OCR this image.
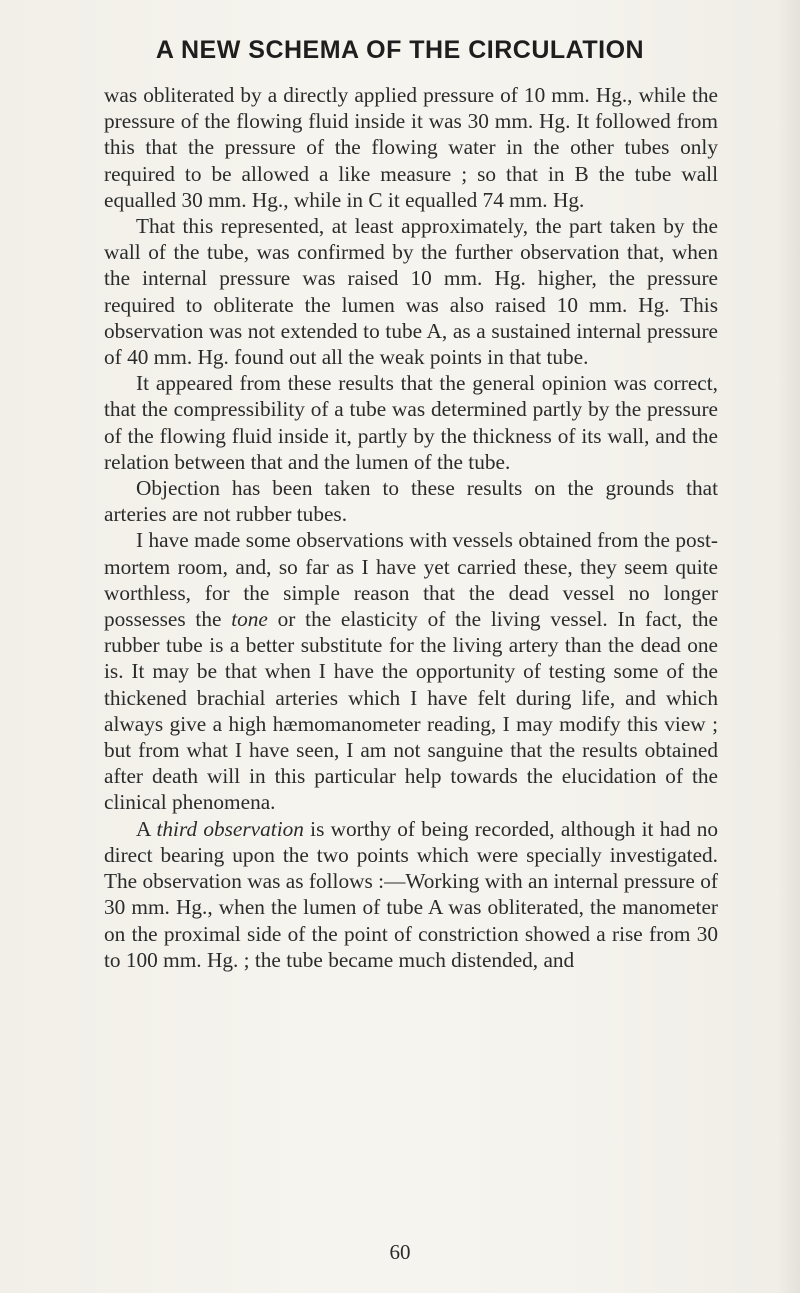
A NEW SCHEMA OF THE CIRCULATION

was obliterated by a directly applied pressure of 10 mm. Hg., while the pressure of the flowing fluid inside it was 30 mm. Hg. It followed from this that the pressure of the flowing water in the other tubes only required to be allowed a like measure ; so that in B the tube wall equalled 30 mm. Hg., while in C it equalled 74 mm. Hg.

That this represented, at least approximately, the part taken by the wall of the tube, was confirmed by the further observation that, when the internal pressure was raised 10 mm. Hg. higher, the pressure required to obliterate the lumen was also raised 10 mm. Hg. This observation was not extended to tube A, as a sustained internal pressure of 40 mm. Hg. found out all the weak points in that tube.

It appeared from these results that the general opinion was correct, that the compressibility of a tube was determined partly by the pressure of the flowing fluid inside it, partly by the thickness of its wall, and the relation between that and the lumen of the tube.

Objection has been taken to these results on the grounds that arteries are not rubber tubes.

I have made some observations with vessels obtained from the post-mortem room, and, so far as I have yet carried these, they seem quite worthless, for the simple reason that the dead vessel no longer possesses the tone or the elasticity of the living vessel. In fact, the rubber tube is a better substitute for the living artery than the dead one is. It may be that when I have the opportunity of testing some of the thickened brachial arteries which I have felt during life, and which always give a high hæmomanometer reading, I may modify this view ; but from what I have seen, I am not sanguine that the results obtained after death will in this particular help towards the elucidation of the clinical phenomena.

A third observation is worthy of being recorded, although it had no direct bearing upon the two points which were specially investigated. The observation was as follows :—Working with an internal pressure of 30 mm. Hg., when the lumen of tube A was obliterated, the manometer on the proximal side of the point of constriction showed a rise from 30 to 100 mm. Hg. ; the tube became much distended, and

60
